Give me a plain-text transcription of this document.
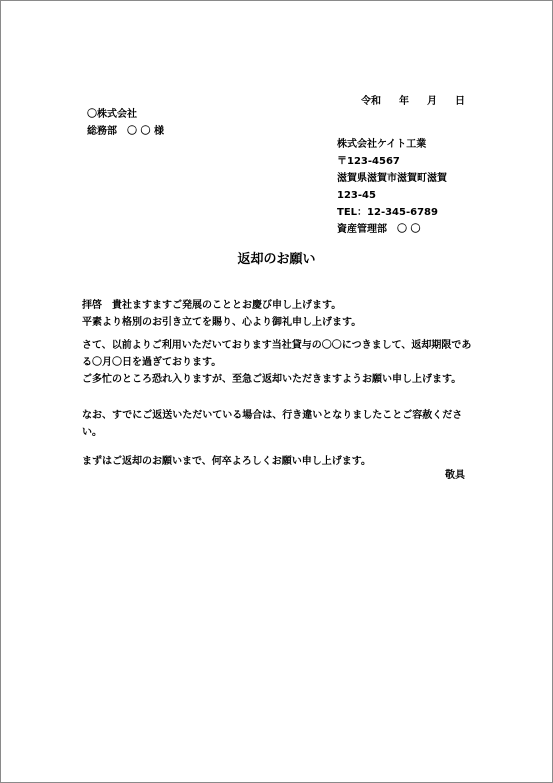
令和 年 月 日
〇株式会社
総務部　〇 〇 様
株式会社ケイト工業
〒123-4567
滋賀県滋賀市滋賀町滋賀
123-45
TEL：12-345-6789
資産管理部　〇 〇
返却のお願い

拝啓　貴社ますますご発展のこととお慶び申し上げます。

平素より格別のお引き立てを賜り、心より御礼申し上げます。

さて、以前よりご利用いただいております当社貸与の〇〇につきまして、返却期限である〇月〇日を過ぎております。

ご多忙のところ恐れ入りますが、至急ご返却いただきますようお願い申し上げます。

なお、すでにご返送いただいている場合は、行き違いとなりましたことご容赦ください。

まずはご返却のお願いまで、何卒よろしくお願い申し上げます。

敬具
